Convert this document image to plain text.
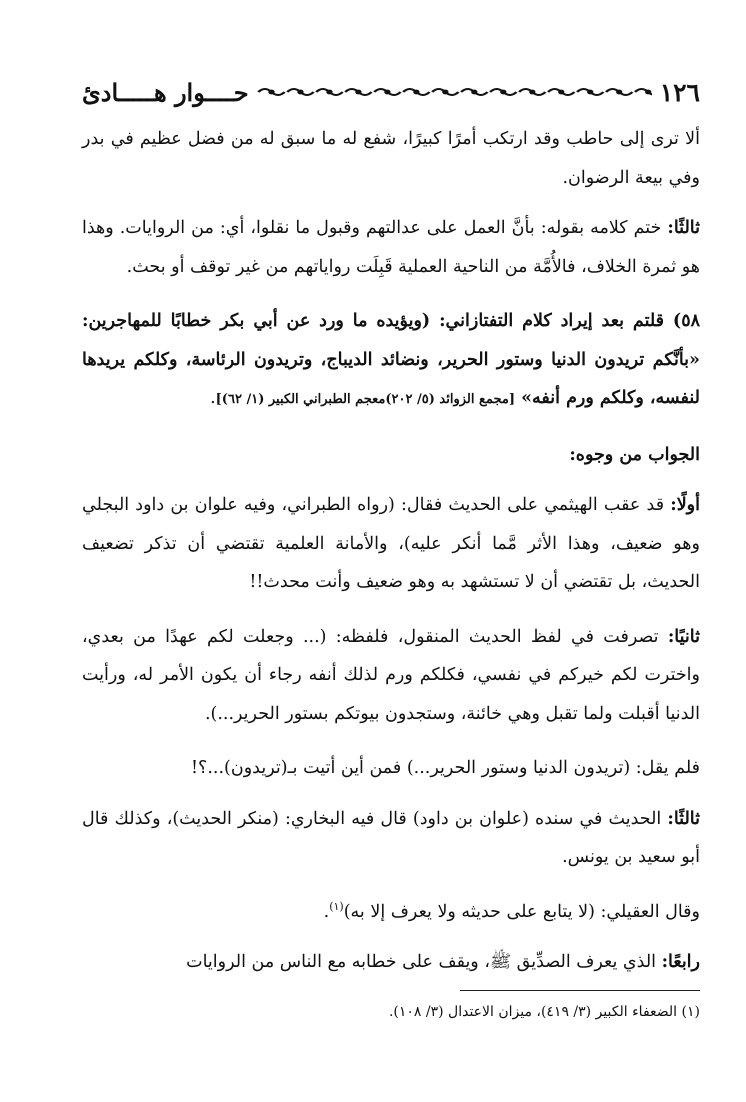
١٢٦
حــــوار هـــــادئ

ألا ترى إلى حاطب وقد ارتكب أمرًا كبيرًا، شفع له ما سبق له من فضل عظيم في بدر وفي بيعة الرضوان.

ثالثًا: ختم كلامه بقوله: بأنَّ العمل على عدالتهم وقبول ما نقلوا، أي: من الروايات. وهذا هو ثمرة الخلاف، فالأُمَّة من الناحية العملية قَبِلَت رواياتهم من غير توقف أو بحث.

٥٨) قلتم بعد إيراد كلام التفتازاني: (ويؤيده ما ورد عن أبي بكر خطابًا للمهاجرين: «بأنَّكم تريدون الدنيا وستور الحرير، ونضائد الديباج، وتريدون الرئاسة، وكلكم يريدها لنفسه، وكلكم ورم أنفه» [مجمع الزوائد (٥/ ٢٠٢)معجم الطبراني الكبير (١/ ٦٢)].

الجواب من وجوه:

أولًا: قد عقب الهيثمي على الحديث فقال: (رواه الطبراني، وفيه علوان بن داود البجلي وهو ضعيف، وهذا الأثر مَّما أنكر عليه)، والأمانة العلمية تقتضي أن تذكر تضعيف الحديث، بل تقتضي أن لا تستشهد به وهو ضعيف وأنت محدث!!

ثانيًا: تصرفت في لفظ الحديث المنقول، فلفظه: (... وجعلت لكم عهدًا من بعدي، واخترت لكم خيركم في نفسي، فكلكم ورم لذلك أنفه رجاء أن يكون الأمر له، ورأيت الدنيا أقبلت ولما تقبل وهي خائنة، وستجدون بيوتكم بستور الحرير...).

فلم يقل: (تريدون الدنيا وستور الحرير...) فمن أين أتيت بـ(تريدون)...؟!

ثالثًا: الحديث في سنده (علوان بن داود) قال فيه البخاري: (منكر الحديث)، وكذلك قال أبو سعيد بن يونس.

وقال العقيلي: (لا يتابع على حديثه ولا يعرف إلا به)$^{(١)}$.

رابعًا: الذي يعرف الصدِّيق ﷺ، ويقف على خطابه مع الناس من الروايات

(١) الضعفاء الكبير (٣/ ٤١٩)، ميزان الاعتدال (٣/ ١٠٨).
